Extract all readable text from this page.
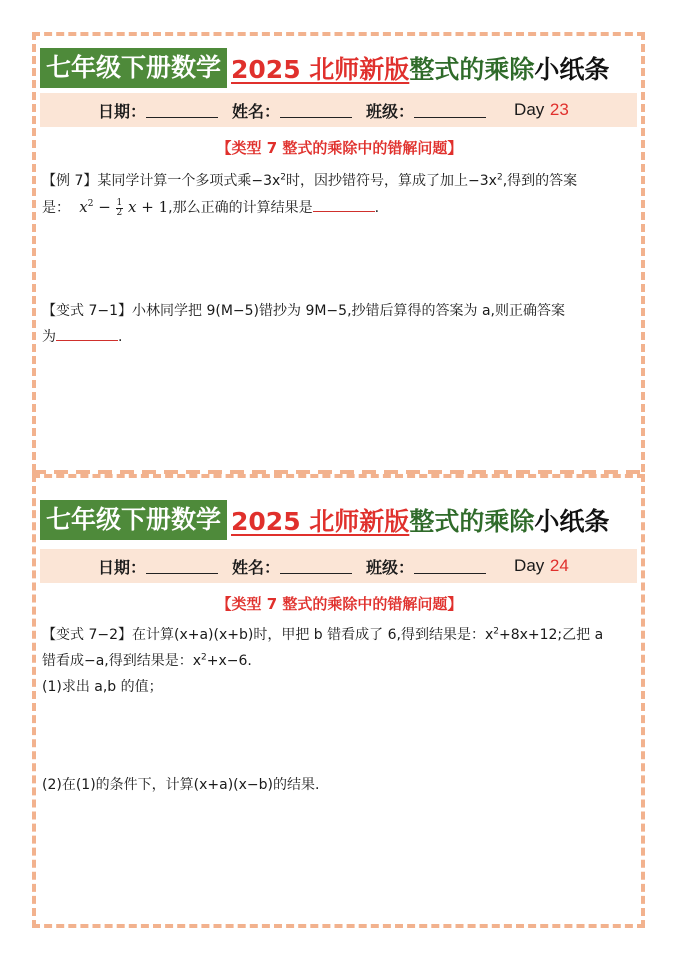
七年级下册数学 2025 北师新版 整式的乘除 小纸条
日期：	姓名：	班级：	Day
23
【类型 7 整式的乘除中的错解问题】
【例 7】某同学计算一个多项式乘$-3x^2$时，因抄错符号，算成了加上$-3x^2$,得到的答案
是：  $x^2 - \frac{1}{2}$ x + 1,那么正确的计算结果是	.
【变式 7−1】小林同学把 9(M−5)错抄为 9M−5,抄错后算得的答案为 a,则正确答案
为	.
七年级下册数学 2025 北师新版 整式的乘除 小纸条
日期：	姓名：	班级：	Day
24
【类型 7 整式的乘除中的错解问题】
【变式 7−2】在计算(x+a)(x+b)时，甲把 b 错看成了 6,得到结果是：$x^2+8x+12$;乙把 a
错看成−a,得到结果是：$x^2+x-6$.
(1)求出 a,b 的值；
(2)在(1)的条件下，计算(x+a)(x−b)的结果.
